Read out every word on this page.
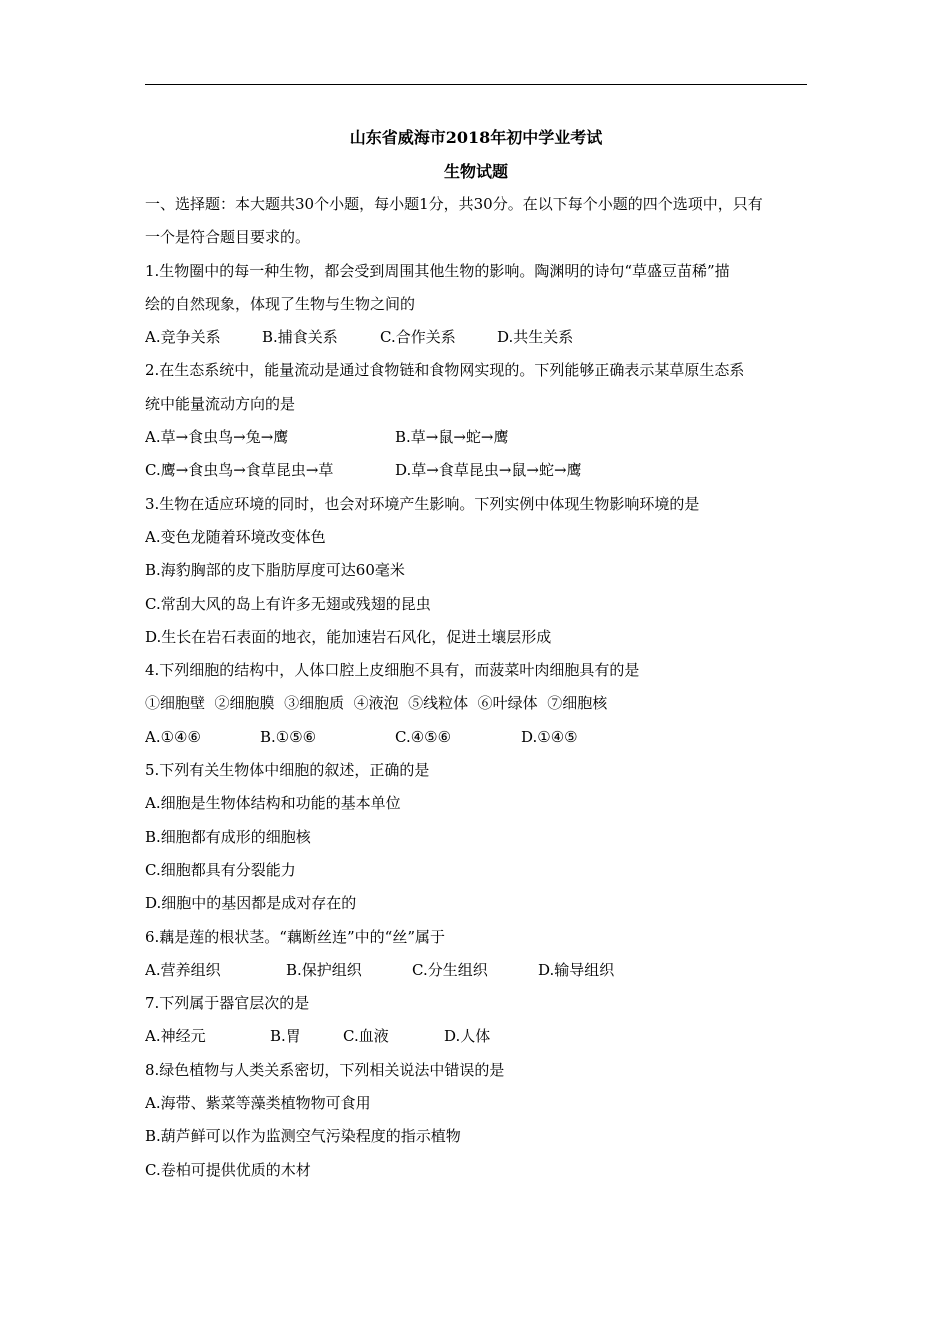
山东省威海市2018年初中学业考试
生物试题
一、选择题：本大题共30个小题，每小题1分，共30分。在以下每个小题的四个选项中，只有
一个是符合题目要求的。
1.生物圈中的每一种生物，都会受到周围其他生物的影响。陶渊明的诗句“草盛豆苗稀”描
绘的自然现象，体现了生物与生物之间的
A.竞争关系	B.捕食关系	C.合作关系	D.共生关系
2.在生态系统中，能量流动是通过食物链和食物网实现的。下列能够正确表示某草原生态系
统中能量流动方向的是
A.草→食虫鸟→兔→鹰	B.草→鼠→蛇→鹰
C.鹰→食虫鸟→食草昆虫→草	D.草→食草昆虫→鼠→蛇→鹰
3.生物在适应环境的同时，也会对环境产生影响。下列实例中体现生物影响环境的是
A.变色龙随着环境改变体色
B.海豹胸部的皮下脂肪厚度可达60毫米
C.常刮大风的岛上有许多无翅或残翅的昆虫
D.生长在岩石表面的地衣，能加速岩石风化，促进土壤层形成
4.下列细胞的结构中，人体口腔上皮细胞不具有，而菠菜叶肉细胞具有的是
①细胞壁  ②细胞膜  ③细胞质  ④液泡  ⑤线粒体  ⑥叶绿体  ⑦细胞核
A.①④⑥	B.①⑤⑥	C.④⑤⑥	D.①④⑤
5.下列有关生物体中细胞的叙述，正确的是
A.细胞是生物体结构和功能的基本单位
B.细胞都有成形的细胞核
C.细胞都具有分裂能力
D.细胞中的基因都是成对存在的
6.藕是莲的根状茎。“藕断丝连”中的“丝”属于
A.营养组织	B.保护组织	C.分生组织	D.输导组织
7.下列属于器官层次的是
A.神经元	B.胃	C.血液	D.人体
8.绿色植物与人类关系密切，下列相关说法中错误的是
A.海带、紫菜等藻类植物物可食用
B.葫芦鲜可以作为监测空气污染程度的指示植物
C.卷柏可提供优质的木材
